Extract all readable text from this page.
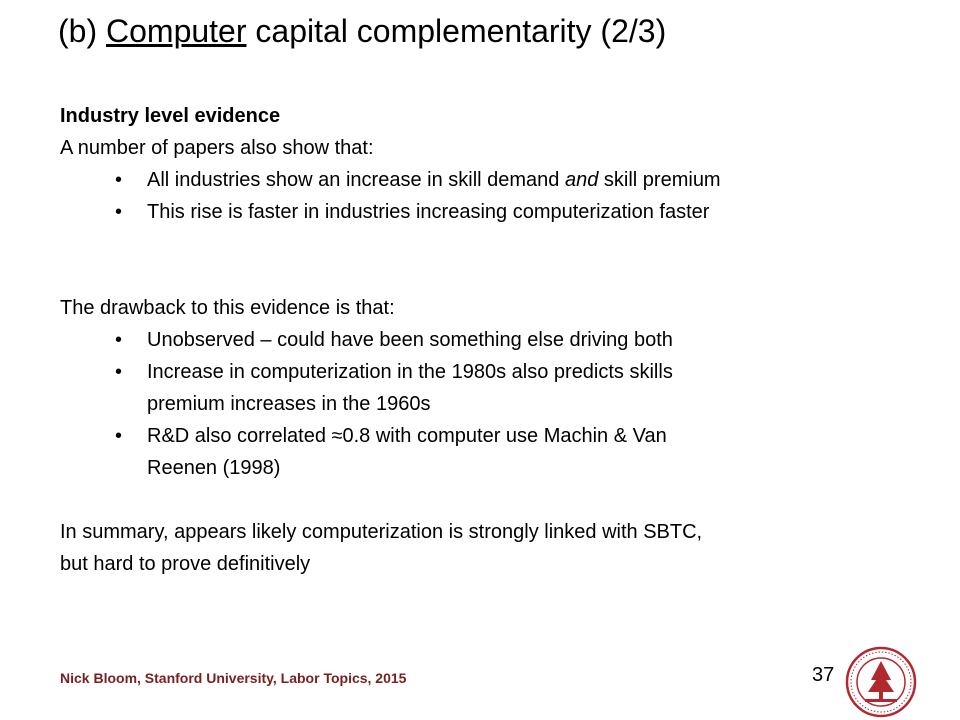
(b) Computer capital complementarity (2/3)
Industry level evidence
A number of papers also show that:
• All industries show an increase in skill demand and skill premium
• This rise is faster in industries increasing computerization faster
The drawback to this evidence is that:
• Unobserved – could have been something else driving both
• Increase in computerization in the 1980s also predicts skills
premium increases in the 1960s
• R&D also correlated ≈0.8 with computer use Machin & Van
Reenen (1998)
In summary, appears likely computerization is strongly linked with SBTC,
but hard to prove definitively
Nick Bloom, Stanford University, Labor Topics, 2015	37
